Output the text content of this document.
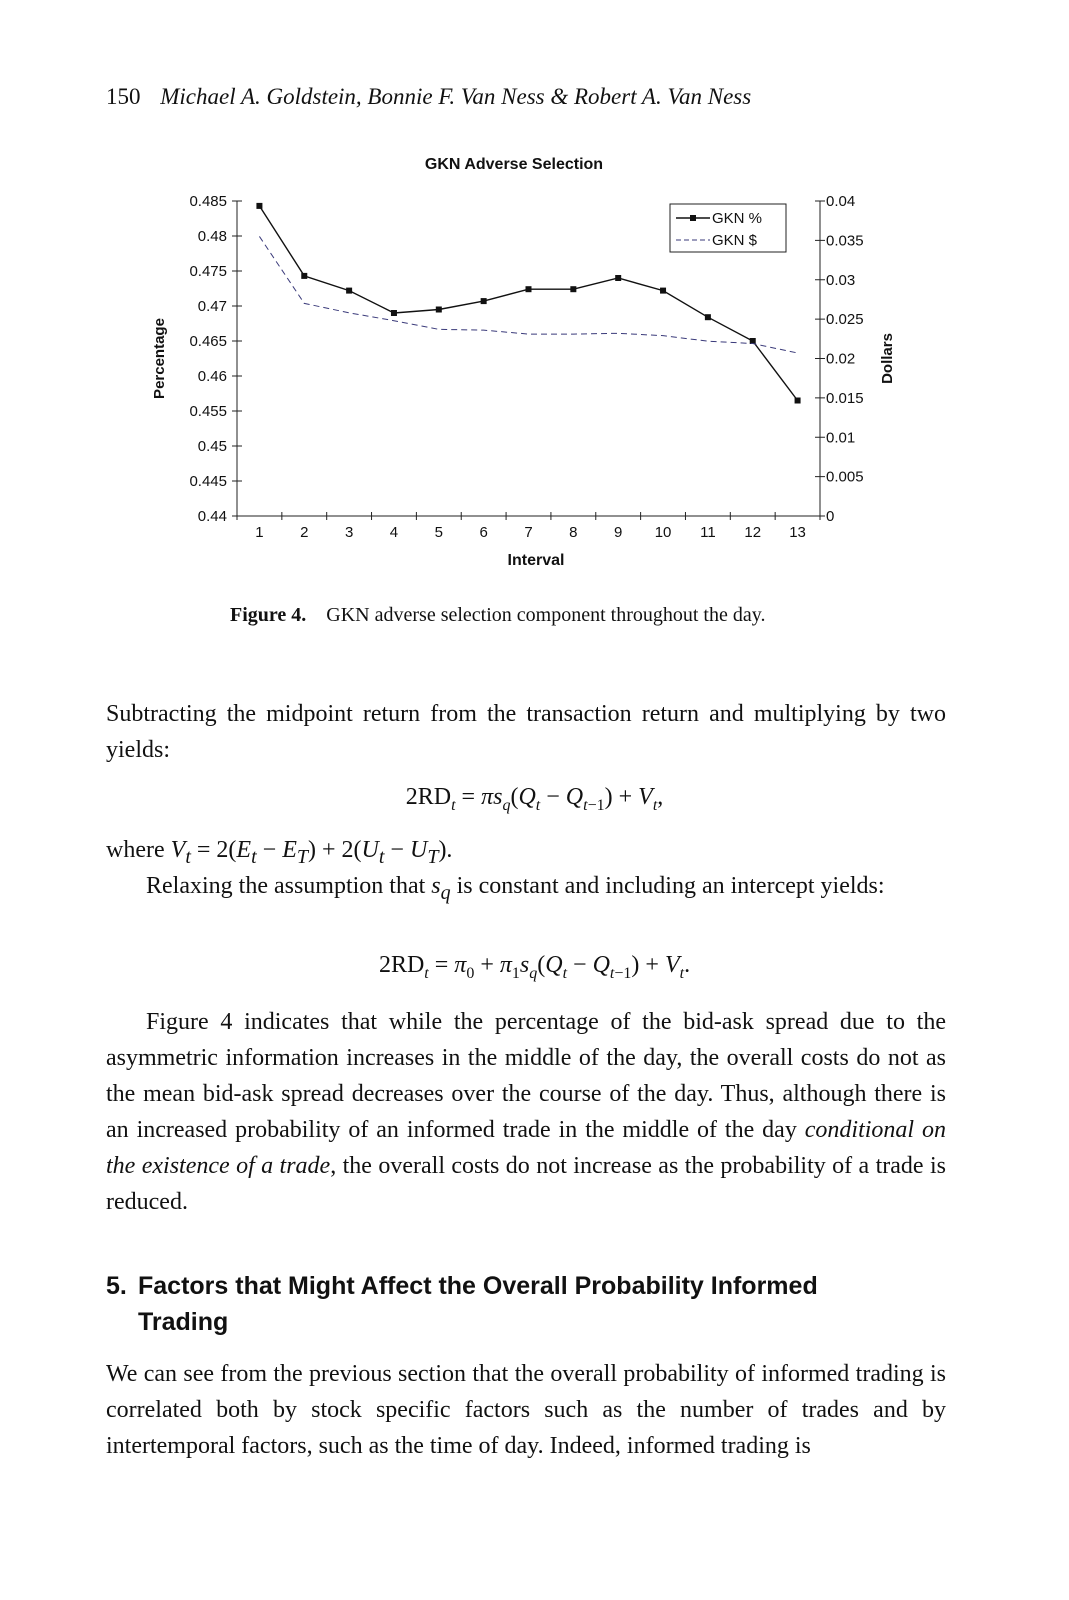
150 Michael A. Goldstein, Bonnie F. Van Ness & Robert A. Van Ness
GKN Adverse Selection
Percentage	Dollars
Interval
0.44
0.445
0.45
0.455
0.46
0.465
0.47
0.475
0.48
0.485
0
0.005
0.01
0.015
0.02
0.025
0.03
0.035
0.04
1 2 3 4 5 6 7 8 9 10 11 12 13
GKN %
GKN $
Figure 4. GKN adverse selection component throughout the day.

Subtracting the midpoint return from the transaction return and multiplying by two yields:

$2RD_t = \pi s_q(Q_t - Q_{t-1}) + V_t$,

where $V_t = 2(E_t - E_T) + 2(U_t - U_T)$.

Relaxing the assumption that $s_q$ is constant and including an intercept yields:

$2RD_t = \pi_0 + \pi_1s_q(Q_t - Q_{t-1}) + V_t$.

Figure 4 indicates that while the percentage of the bid-ask spread due to the asymmetric information increases in the middle of the day, the overall costs do not as the mean bid-ask spread decreases over the course of the day. Thus, although there is an increased probability of an informed trade in the middle of the day conditional on the existence of a trade, the overall costs do not increase as the probability of a trade is reduced.

5. Factors that Might Affect the Overall Probability Informed
Trading

We can see from the previous section that the overall probability of informed trading is correlated both by stock specific factors such as the number of trades and by intertemporal factors, such as the time of day. Indeed, informed trading is
